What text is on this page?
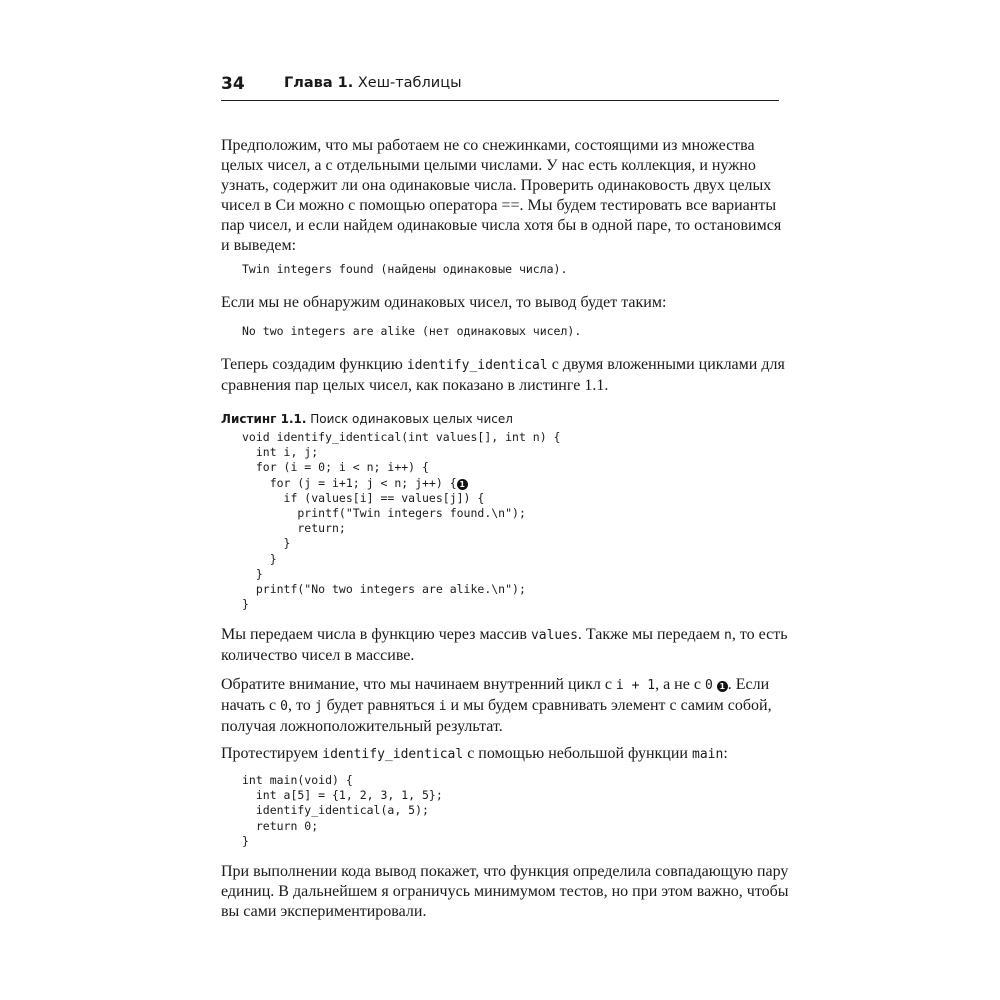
34	Глава 1. Хеш-таблицы
Предположим, что мы работаем не со снежинками, состоящими из множества
целых чисел, а с отдельными целыми числами. У нас есть коллекция, и нужно
узнать, содержит ли она одинаковые числа. Проверить одинаковость двух целых
чисел в Си можно с помощью оператора ==. Мы будем тестировать все варианты
пар чисел, и если найдем одинаковые числа хотя бы в одной паре, то остановимся
и выведем:
Twin integers found (найдены одинаковые числа).
Если мы не обнаружим одинаковых чисел, то вывод будет таким:
No two integers are alike (нет одинаковых чисел).
Теперь создадим функцию identify_identical с двумя вложенными циклами для
сравнения пар целых чисел, как показано в листинге 1.1.
Листинг 1.1. Поиск одинаковых целых чисел
void identify_identical(int values[], int n) {
int i, j;
for (i = 0; i < n; i++) {
for (j = i+1; j < n; j++) { 1
if (values[i] == values[j]) {
printf("Twin integers found.\n");
return;
}
}
}
printf("No two integers are alike.\n");
}
Мы передаем числа в функцию через массив values. Также мы передаем n, то есть
количество чисел в массиве.
Обратите внимание, что мы начинаем внутренний цикл с i + 1, а не с 0 1 . Если
начать с 0, то j будет равняться i и мы будем сравнивать элемент с самим собой,
получая ложноположительный результат.
Протестируем identify_identical с помощью небольшой функции main:
int main(void) {
int a[5] = {1, 2, 3, 1, 5};
identify_identical(a, 5);
return 0;
}
При выполнении кода вывод покажет, что функция определила совпадающую пару
единиц. В дальнейшем я ограничусь минимумом тестов, но при этом важно, чтобы
вы сами экспериментировали.
